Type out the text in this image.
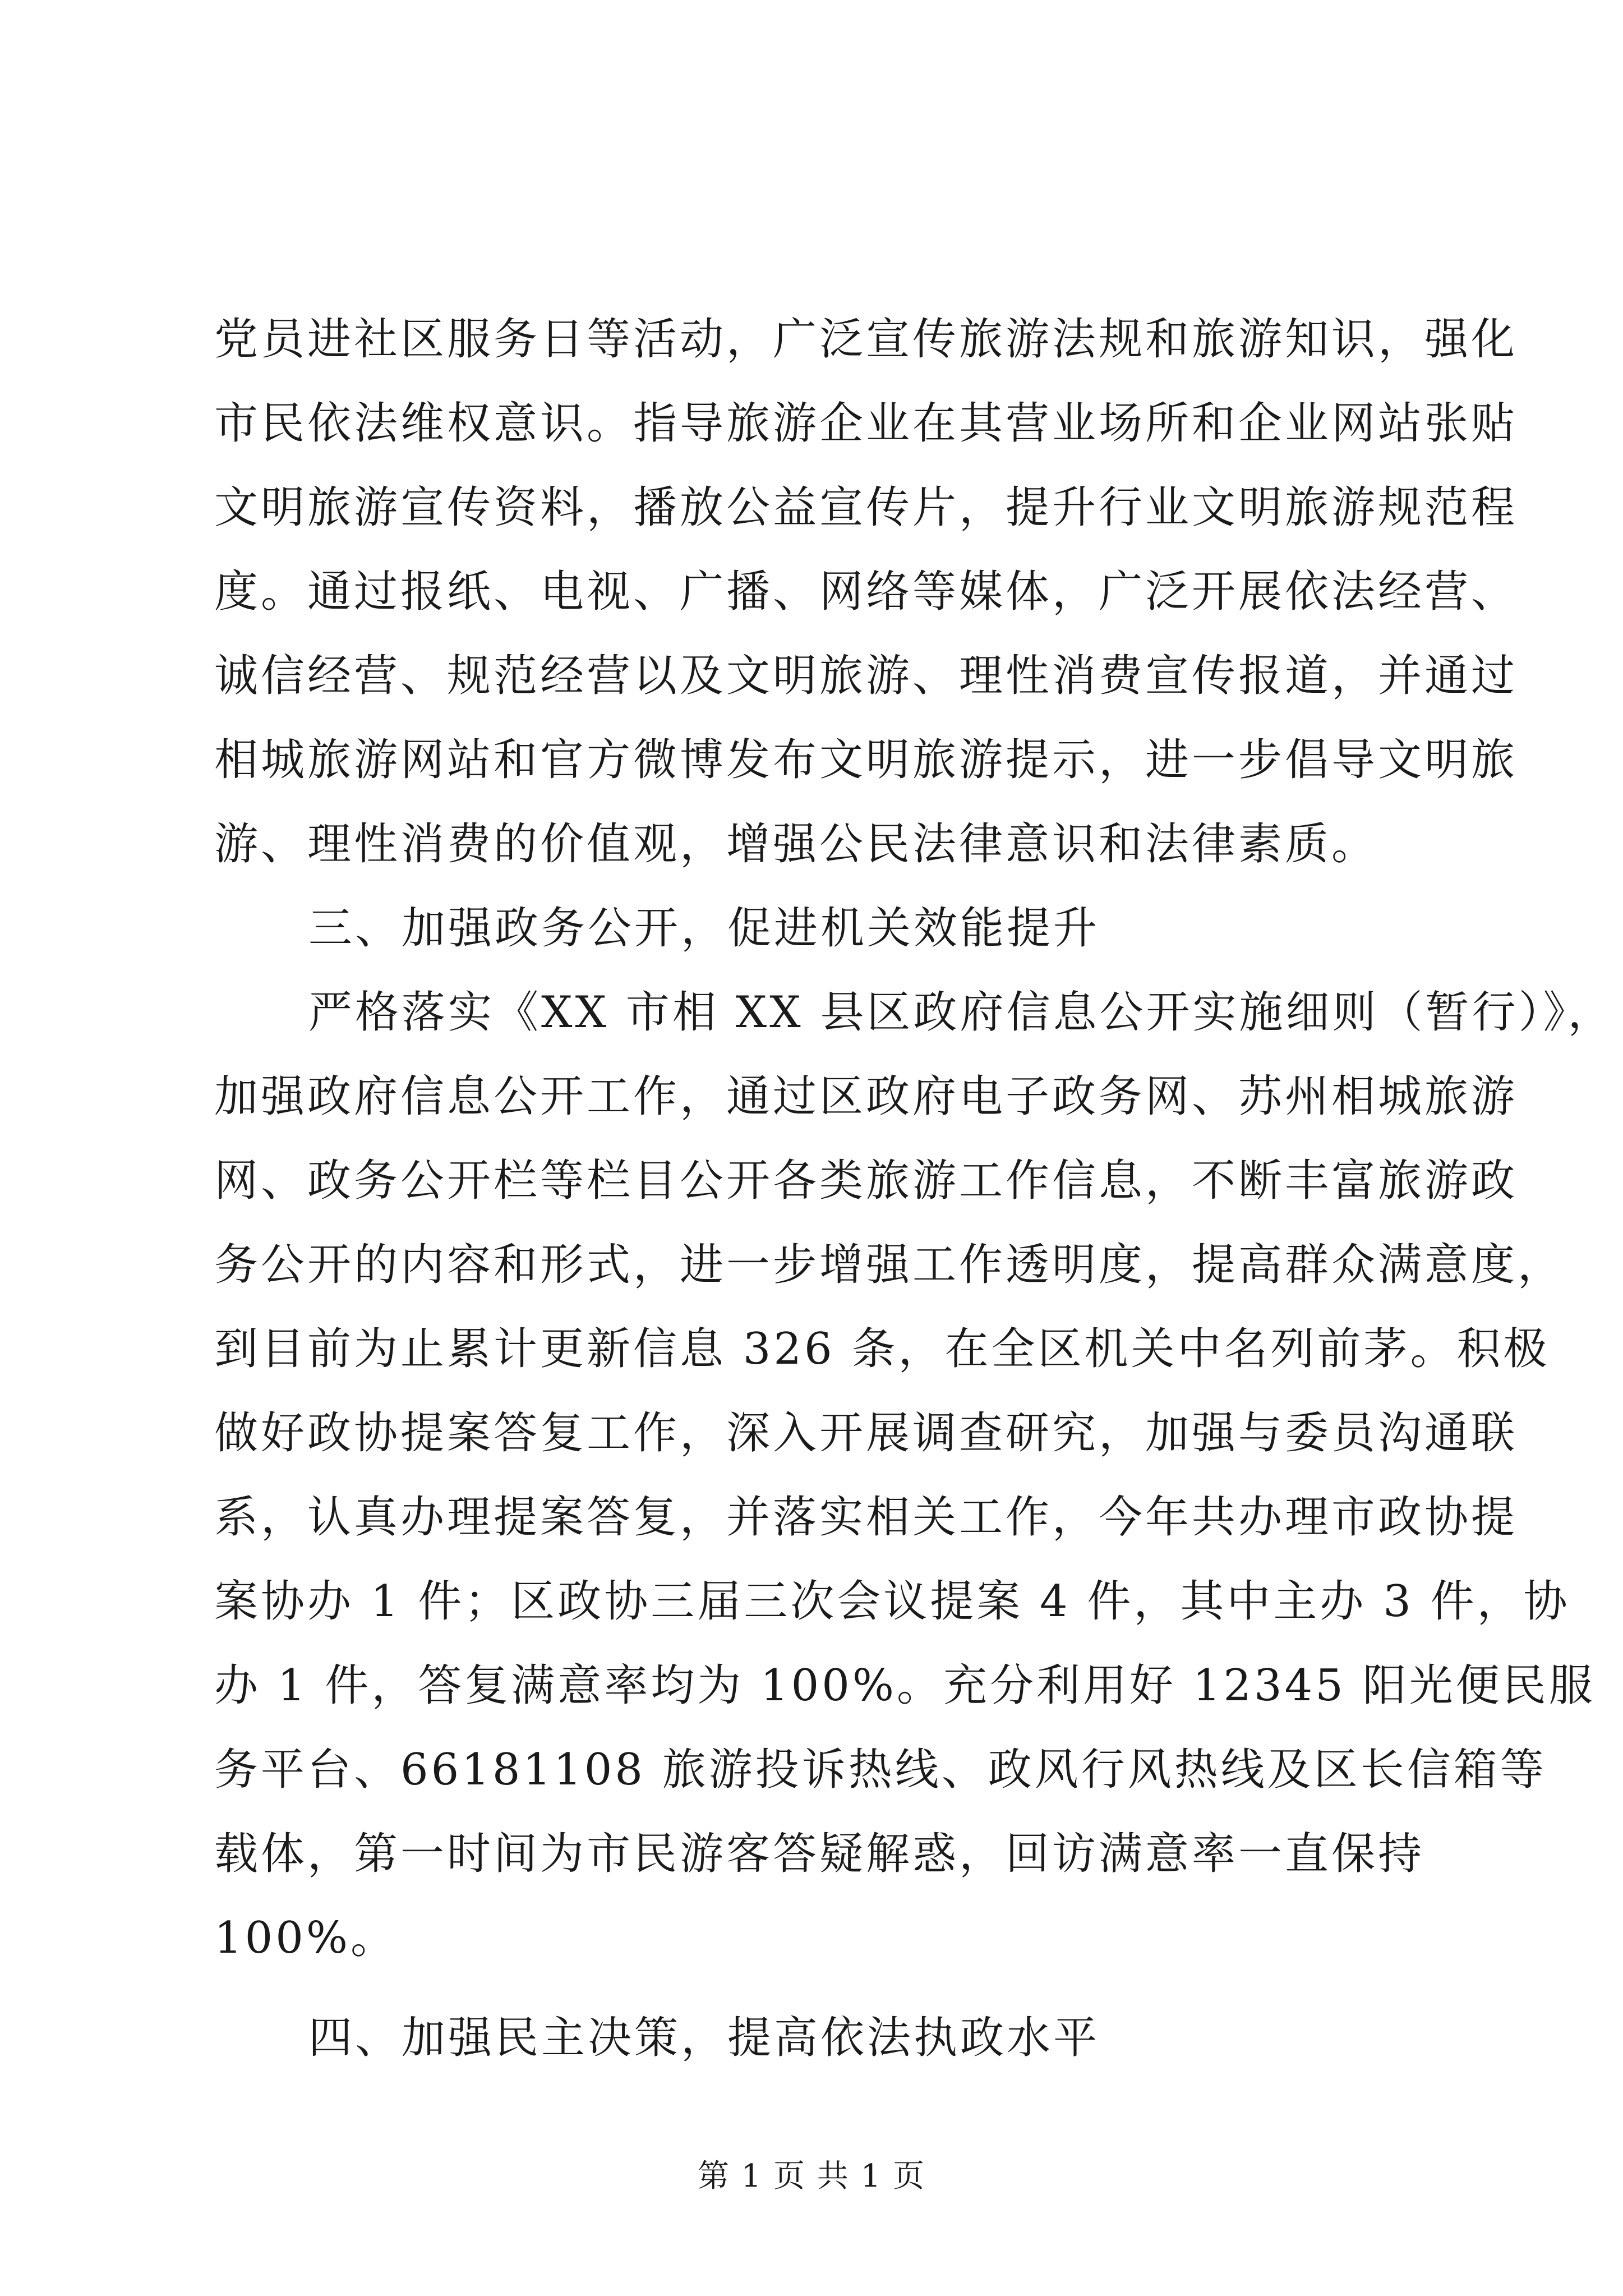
党员进社区服务日等活动，广泛宣传旅游法规和旅游知识，强化
市民依法维权意识。指导旅游企业在其营业场所和企业网站张贴
文明旅游宣传资料，播放公益宣传片，提升行业文明旅游规范程
度。通过报纸、电视、广播、网络等媒体，广泛开展依法经营、
诚信经营、规范经营以及文明旅游、理性消费宣传报道，并通过
相城旅游网站和官方微博发布文明旅游提示，进一步倡导文明旅
游、理性消费的价值观，增强公民法律意识和法律素质。
三、加强政务公开，促进机关效能提升
严格落实《XX 市相 XX 县区政府信息公开实施细则（暂行）》，
加强政府信息公开工作，通过区政府电子政务网、苏州相城旅游
网、政务公开栏等栏目公开各类旅游工作信息，不断丰富旅游政
务公开的内容和形式，进一步增强工作透明度，提高群众满意度，
到目前为止累计更新信息 326 条，在全区机关中名列前茅。积极
做好政协提案答复工作，深入开展调查研究，加强与委员沟通联
系，认真办理提案答复，并落实相关工作，今年共办理市政协提
案协办 1 件；区政协三届三次会议提案 4 件，其中主办 3 件，协
办 1 件，答复满意率均为 100%。充分利用好 12345 阳光便民服
务平台、66181108 旅游投诉热线、政风行风热线及区长信箱等
载体，第一时间为市民游客答疑解惑，回访满意率一直保持
100%。
四、加强民主决策，提高依法执政水平
第 1 页 共 1 页
